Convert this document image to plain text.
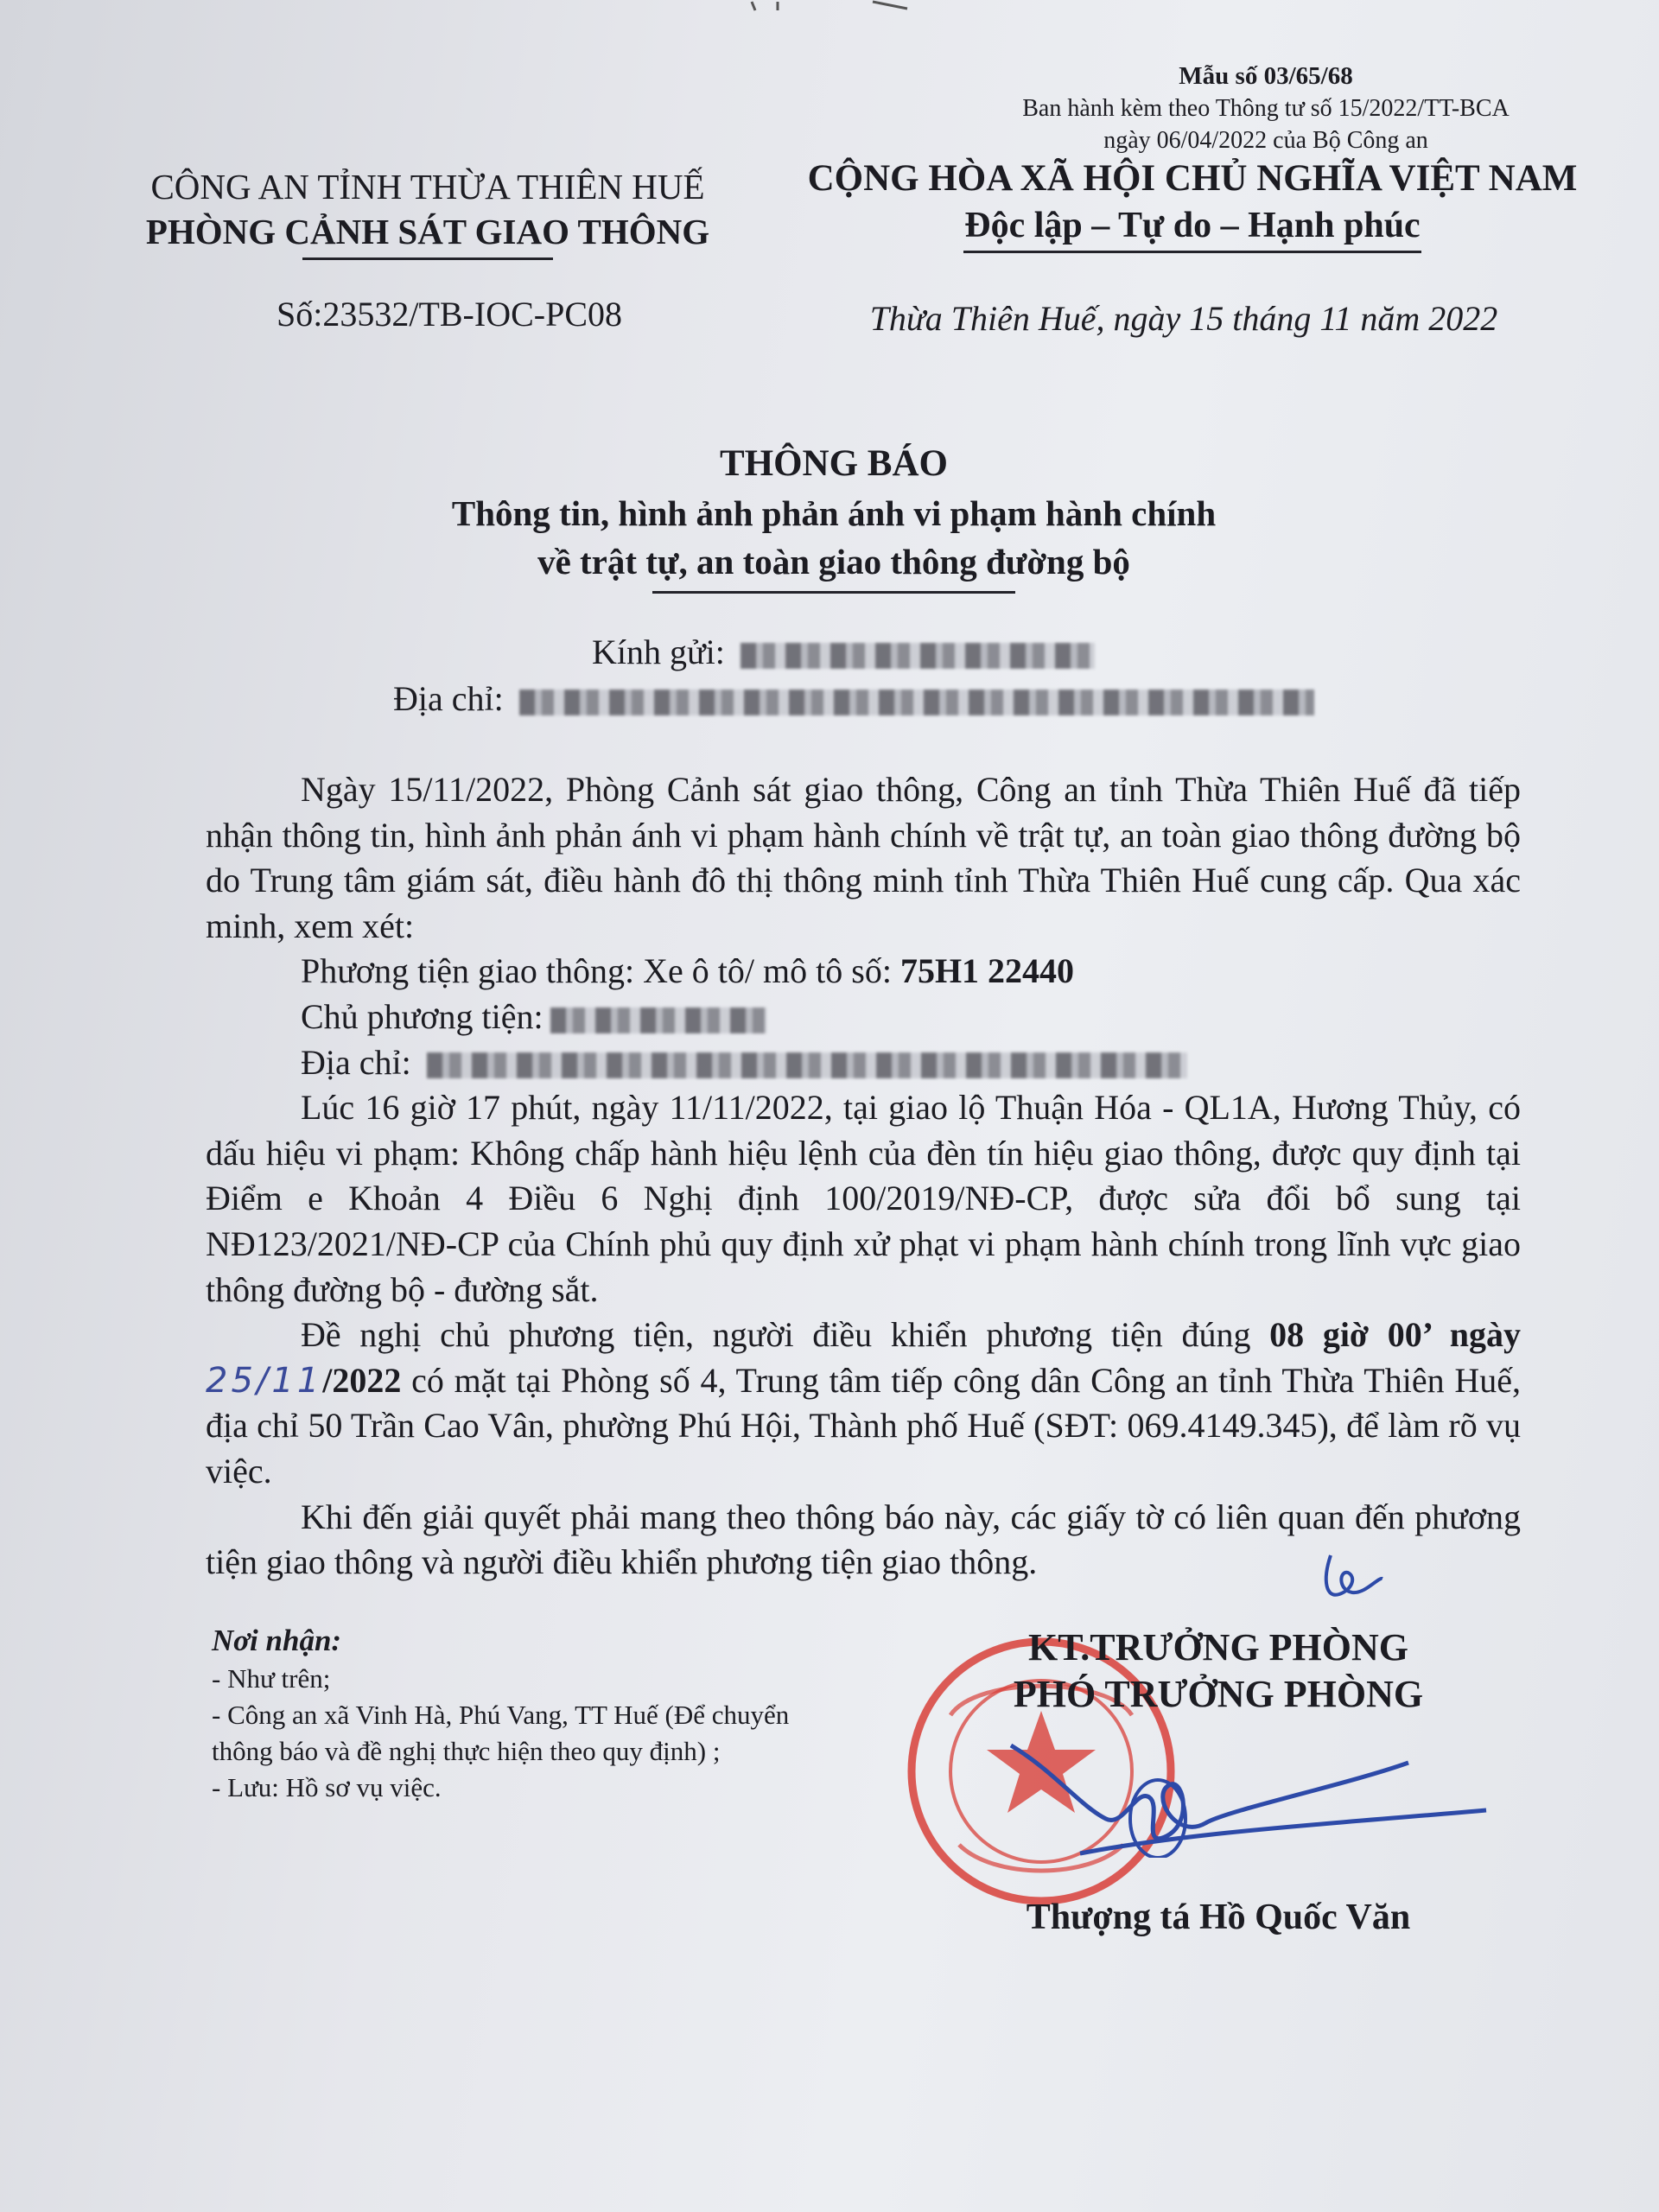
Mẫu số 03/65/68
Ban hành kèm theo Thông tư số 15/2022/TT-BCA
ngày 06/04/2022 của Bộ Công an
CÔNG AN TỈNH THỪA THIÊN HUẾ
PHÒNG CẢNH SÁT GIAO THÔNG
CỘNG HÒA XÃ HỘI CHỦ NGHĨA VIỆT NAM
Độc lập – Tự do – Hạnh phúc
Số:23532/TB-IOC-PC08	Thừa Thiên Huế, ngày 15 tháng 11 năm 2022
THÔNG BÁO
Thông tin, hình ảnh phản ánh vi phạm hành chính
về trật tự, an toàn giao thông đường bộ
Kính gửi:
Địa chỉ:

Ngày 15/11/2022, Phòng Cảnh sát giao thông, Công an tỉnh Thừa Thiên Huế đã tiếp nhận thông tin, hình ảnh phản ánh vi phạm hành chính về trật tự, an toàn giao thông đường bộ do Trung tâm giám sát, điều hành đô thị thông minh tỉnh Thừa Thiên Huế cung cấp. Qua xác minh, xem xét:

Phương tiện giao thông: Xe ô tô/ mô tô số: 75H1 22440

Chủ phương tiện:

Địa chỉ:

Lúc 16 giờ 17 phút, ngày 11/11/2022, tại giao lộ Thuận Hóa - QL1A, Hương Thủy, có dấu hiệu vi phạm: Không chấp hành hiệu lệnh của đèn tín hiệu giao thông, được quy định tại Điểm e Khoản 4 Điều 6 Nghị định 100/2019/NĐ-CP, được sửa đổi bổ sung tại NĐ123/2021/NĐ-CP của Chính phủ quy định xử phạt vi phạm hành chính trong lĩnh vực giao thông đường bộ - đường sắt.

Đề nghị chủ phương tiện, người điều khiển phương tiện đúng 08 giờ 00’ ngày 25/11/2022 có mặt tại Phòng số 4, Trung tâm tiếp công dân Công an tỉnh Thừa Thiên Huế, địa chỉ 50 Trần Cao Vân, phường Phú Hội, Thành phố Huế (SĐT: 069.4149.345), để làm rõ vụ việc.

Khi đến giải quyết phải mang theo thông báo này, các giấy tờ có liên quan đến phương tiện giao thông và người điều khiển phương tiện giao thông.

Nơi nhận:
- Như trên;
- Công an xã Vinh Hà, Phú Vang, TT Huế (Để chuyển thông báo và đề nghị thực hiện theo quy định) ;
- Lưu: Hồ sơ vụ việc.
KT.TRƯỞNG PHÒNG
PHÓ TRƯỞNG PHÒNG
Thượng tá Hồ Quốc Văn
